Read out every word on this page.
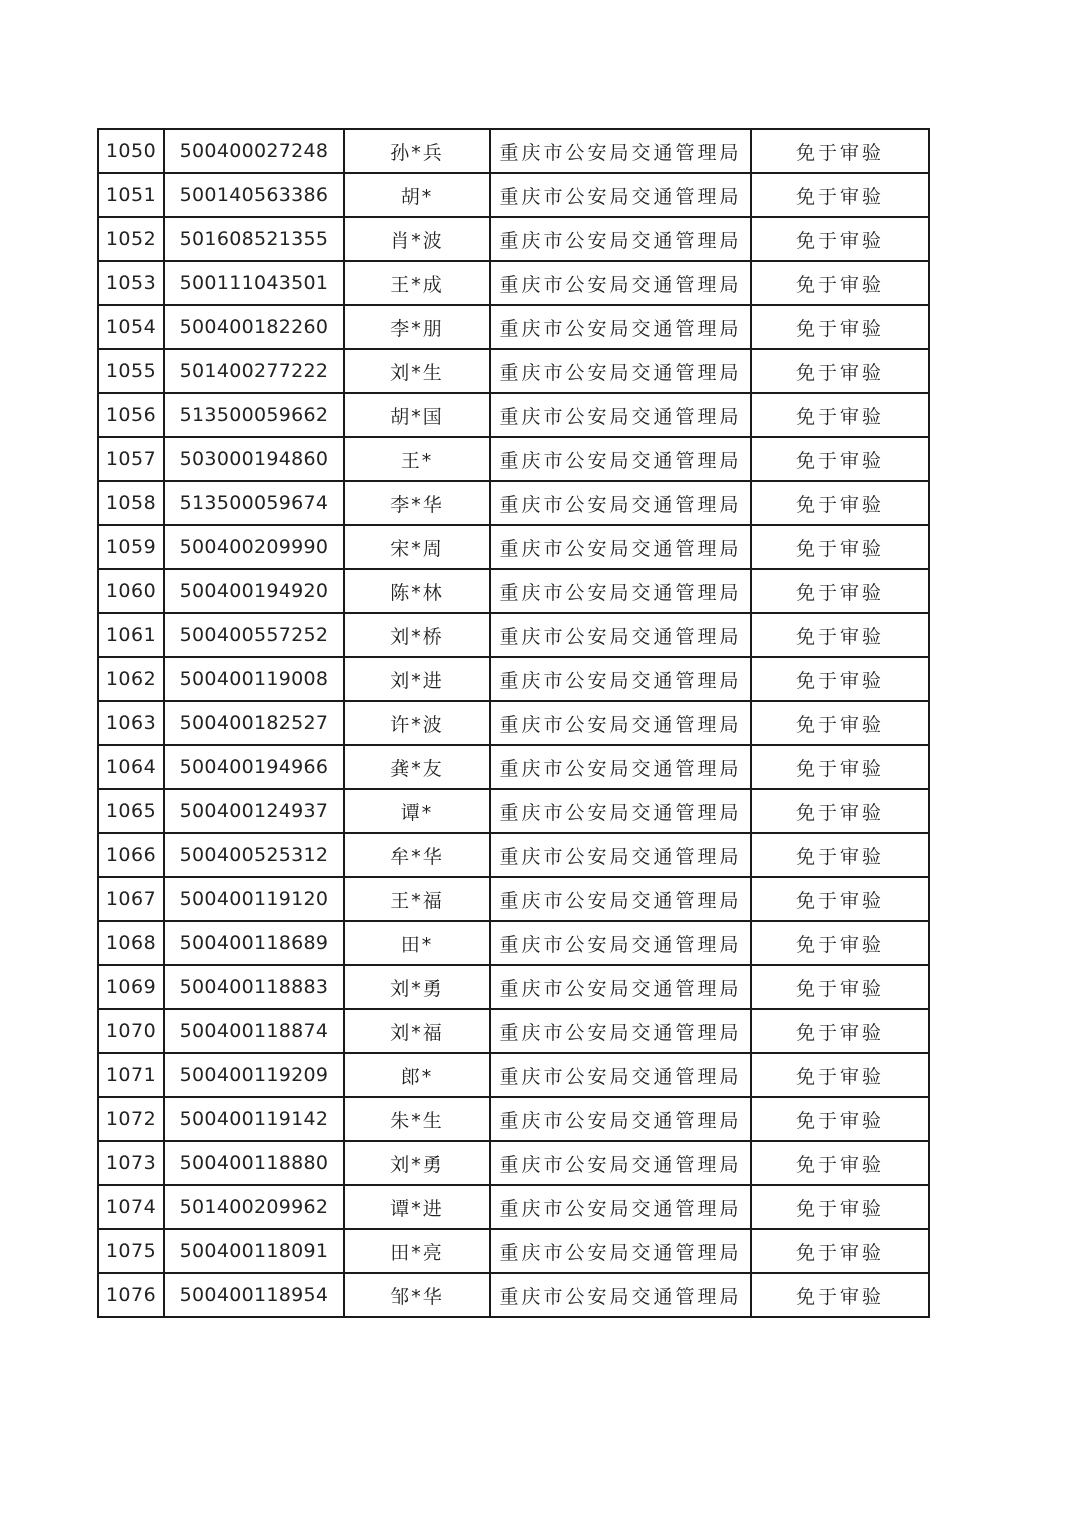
1050	500400027248	孙*兵	重庆市公安局交通管理局	免于审验
1051	500140563386	胡*	重庆市公安局交通管理局	免于审验
1052	501608521355	肖*波	重庆市公安局交通管理局	免于审验
1053	500111043501	王*成	重庆市公安局交通管理局	免于审验
1054	500400182260	李*朋	重庆市公安局交通管理局	免于审验
1055	501400277222	刘*生	重庆市公安局交通管理局	免于审验
1056	513500059662	胡*国	重庆市公安局交通管理局	免于审验
1057	503000194860	王*	重庆市公安局交通管理局	免于审验
1058	513500059674	李*华	重庆市公安局交通管理局	免于审验
1059	500400209990	宋*周	重庆市公安局交通管理局	免于审验
1060	500400194920	陈*林	重庆市公安局交通管理局	免于审验
1061	500400557252	刘*桥	重庆市公安局交通管理局	免于审验
1062	500400119008	刘*进	重庆市公安局交通管理局	免于审验
1063	500400182527	许*波	重庆市公安局交通管理局	免于审验
1064	500400194966	龚*友	重庆市公安局交通管理局	免于审验
1065	500400124937	谭*	重庆市公安局交通管理局	免于审验
1066	500400525312	牟*华	重庆市公安局交通管理局	免于审验
1067	500400119120	王*福	重庆市公安局交通管理局	免于审验
1068	500400118689	田*	重庆市公安局交通管理局	免于审验
1069	500400118883	刘*勇	重庆市公安局交通管理局	免于审验
1070	500400118874	刘*福	重庆市公安局交通管理局	免于审验
1071	500400119209	郎*	重庆市公安局交通管理局	免于审验
1072	500400119142	朱*生	重庆市公安局交通管理局	免于审验
1073	500400118880	刘*勇	重庆市公安局交通管理局	免于审验
1074	501400209962	谭*进	重庆市公安局交通管理局	免于审验
1075	500400118091	田*亮	重庆市公安局交通管理局	免于审验
1076	500400118954	邹*华	重庆市公安局交通管理局	免于审验
